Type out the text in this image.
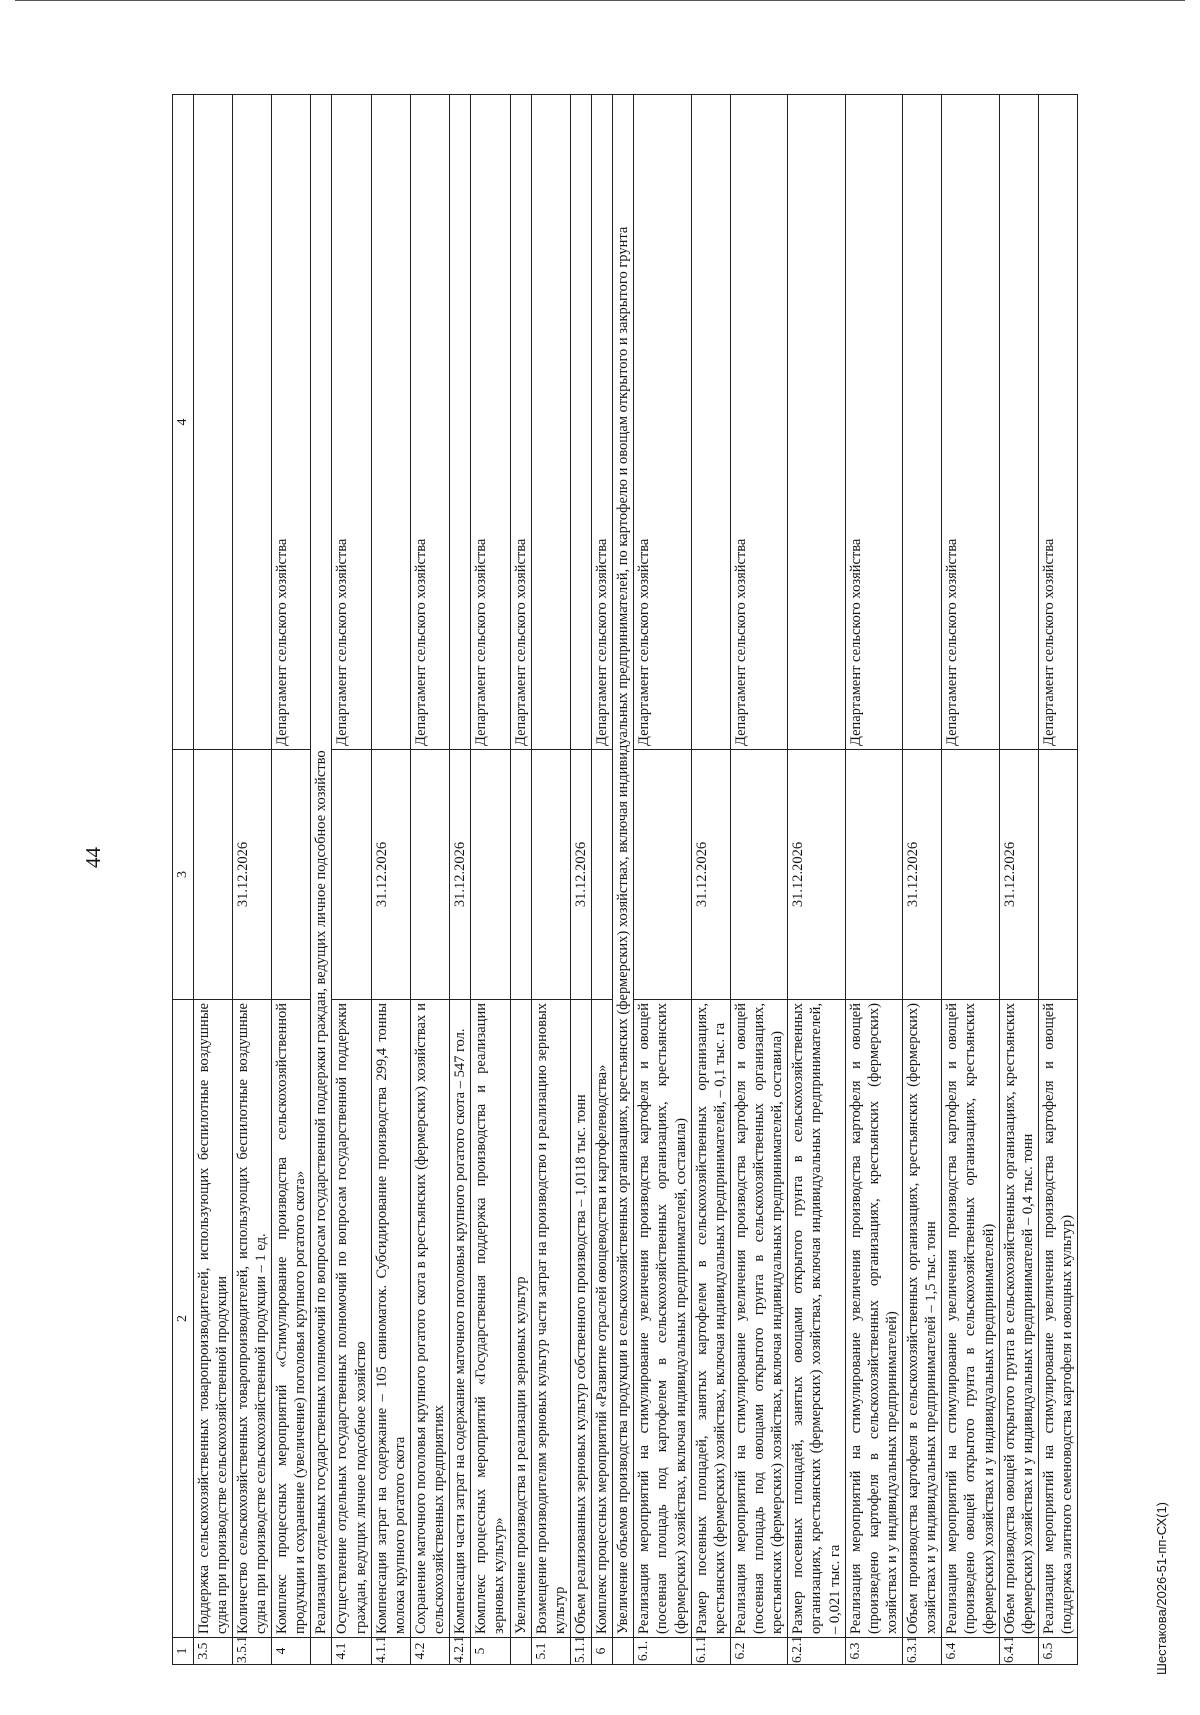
44
1	2	3	4
3.5	Поддержка сельскохозяйственных товаропроизводителей, использующих беспилотные воздушные судна при производстве сельскохозяйственной продукции		
3.5.1	Количество сельскохозяйственных товаропроизводителей, использующих беспилотные воздушные судна при производстве сельскохозяйственной продукции – 1 ед.	31.12.2026	
4	Комплекс процессных мероприятий «Стимулирование производства сельскохозяйственной продукции и сохранение (увеличение) поголовья крупного рогатого скота»		Департамент сельского хозяйства
	Реализация отдельных государственных полномочий по вопросам государственной поддержки граждан, ведущих личное подсобное хозяйство		
4.1	Осуществление отдельных государственных полномочий по вопросам государственной поддержки граждан, ведущих личное подсобное хозяйство		Департамент сельского хозяйства
4.1.1	Компенсация затрат на содержание – 105 свиноматок. Субсидирование производства 299,4 тонны молока крупного рогатого скота	31.12.2026	
4.2	Сохранение маточного поголовья крупного рогатого скота в крестьянских (фермерских) хозяйствах и сельскохозяйственных предприятиях		Департамент сельского хозяйства
4.2.1	Компенсация части затрат на содержание маточного поголовья крупного рогатого скота – 547 гол.	31.12.2026	
5	Комплекс процессных мероприятий «Государственная поддержка производства и реализации зерновых культур»		Департамент сельского хозяйства
	Увеличение производства и реализации зерновых культур		Департамент сельского хозяйства
5.1	Возмещение производителям зерновых культур части затрат на производство и реализацию зерновых культур		
5.1.1	Объем реализованных зерновых культур собственного производства – 1,0118 тыс. тонн	31.12.2026	
6	Комплекс процессных мероприятий «Развитие отраслей овощеводства и картофелеводства»		Департамент сельского хозяйства
	Увеличение объемов производства продукции в сельскохозяйственных организациях, крестьянских (фермерских) хозяйствах, включая индивидуальных предпринимателей, по картофелю и овощам открытого и закрытого грунта		
6.1.	Реализация мероприятий на стимулирование увеличения производства картофеля и овощей (посевная площадь под картофелем в сельскохозяйственных организациях, крестьянских (фермерских) хозяйствах, включая индивидуальных предпринимателей, составила)		Департамент сельского хозяйства
6.1.1	Размер посевных площадей, занятых картофелем в сельскохозяйственных организациях, крестьянских (фермерских) хозяйствах, включая индивидуальных предпринимателей, – 0,1 тыс. га	31.12.2026	
6.2	Реализация мероприятий на стимулирование увеличения производства картофеля и овощей (посевная площадь под овощами открытого грунта в сельскохозяйственных организациях, крестьянских (фермерских) хозяйствах, включая индивидуальных предпринимателей, составила)		Департамент сельского хозяйства
6.2.1	Размер посевных площадей, занятых овощами открытого грунта в сельскохозяйственных организациях, крестьянских (фермерских) хозяйствах, включая индивидуальных предпринимателей, – 0,021 тыс. га	31.12.2026	
6.3	Реализация мероприятий на стимулирование увеличения производства картофеля и овощей (произведено картофеля в сельскохозяйственных организациях, крестьянских (фермерских) хозяйствах и у индивидуальных предпринимателей)		Департамент сельского хозяйства
6.3.1	Объем производства картофеля в сельскохозяйственных организациях, крестьянских (фермерских) хозяйствах и у индивидуальных предпринимателей – 1,5 тыс. тонн	31.12.2026	
6.4	Реализация мероприятий на стимулирование увеличения производства картофеля и овощей (произведено овощей открытого грунта в сельскохозяйственных организациях, крестьянских (фермерских) хозяйствах и у индивидуальных предпринимателей)		Департамент сельского хозяйства
6.4.1	Объем производства овощей открытого грунта в сельскохозяйственных организациях, крестьянских (фермерских) хозяйствах и у индивидуальных предпринимателей – 0,4 тыс. тонн	31.12.2026	
6.5	Реализация мероприятий на стимулирование увеличения производства картофеля и овощей (поддержка элитного семеноводства картофеля и овощных культур)		Департамент сельского хозяйства
Шестакова/2026-51-пп-СХ(1)
